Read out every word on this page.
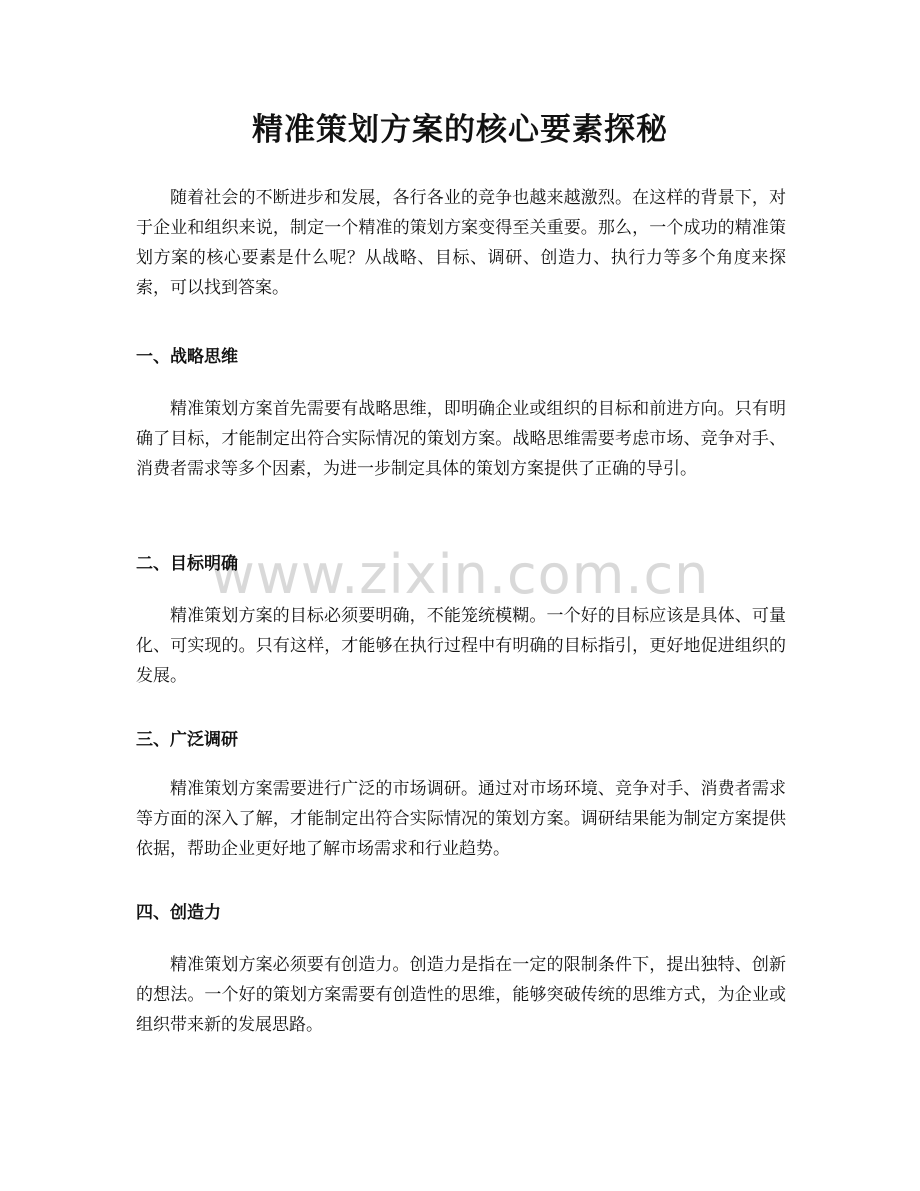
www.zixin.com.cn
精准策划方案的核心要素探秘

随着社会的不断进步和发展，各行各业的竞争也越来越激烈。在这样的背景下，对于企业和组织来说，制定一个精准的策划方案变得至关重要。那么，一个成功的精准策划方案的核心要素是什么呢？从战略、目标、调研、创造力、执行力等多个角度来探索，可以找到答案。

一、战略思维

精准策划方案首先需要有战略思维，即明确企业或组织的目标和前进方向。只有明确了目标，才能制定出符合实际情况的策划方案。战略思维需要考虑市场、竞争对手、消费者需求等多个因素，为进一步制定具体的策划方案提供了正确的导引。

二、目标明确

精准策划方案的目标必须要明确，不能笼统模糊。一个好的目标应该是具体、可量化、可实现的。只有这样，才能够在执行过程中有明确的目标指引，更好地促进组织的发展。

三、广泛调研

精准策划方案需要进行广泛的市场调研。通过对市场环境、竞争对手、消费者需求等方面的深入了解，才能制定出符合实际情况的策划方案。调研结果能为制定方案提供依据，帮助企业更好地了解市场需求和行业趋势。

四、创造力

精准策划方案必须要有创造力。创造力是指在一定的限制条件下，提出独特、创新的想法。一个好的策划方案需要有创造性的思维，能够突破传统的思维方式，为企业或组织带来新的发展思路。
